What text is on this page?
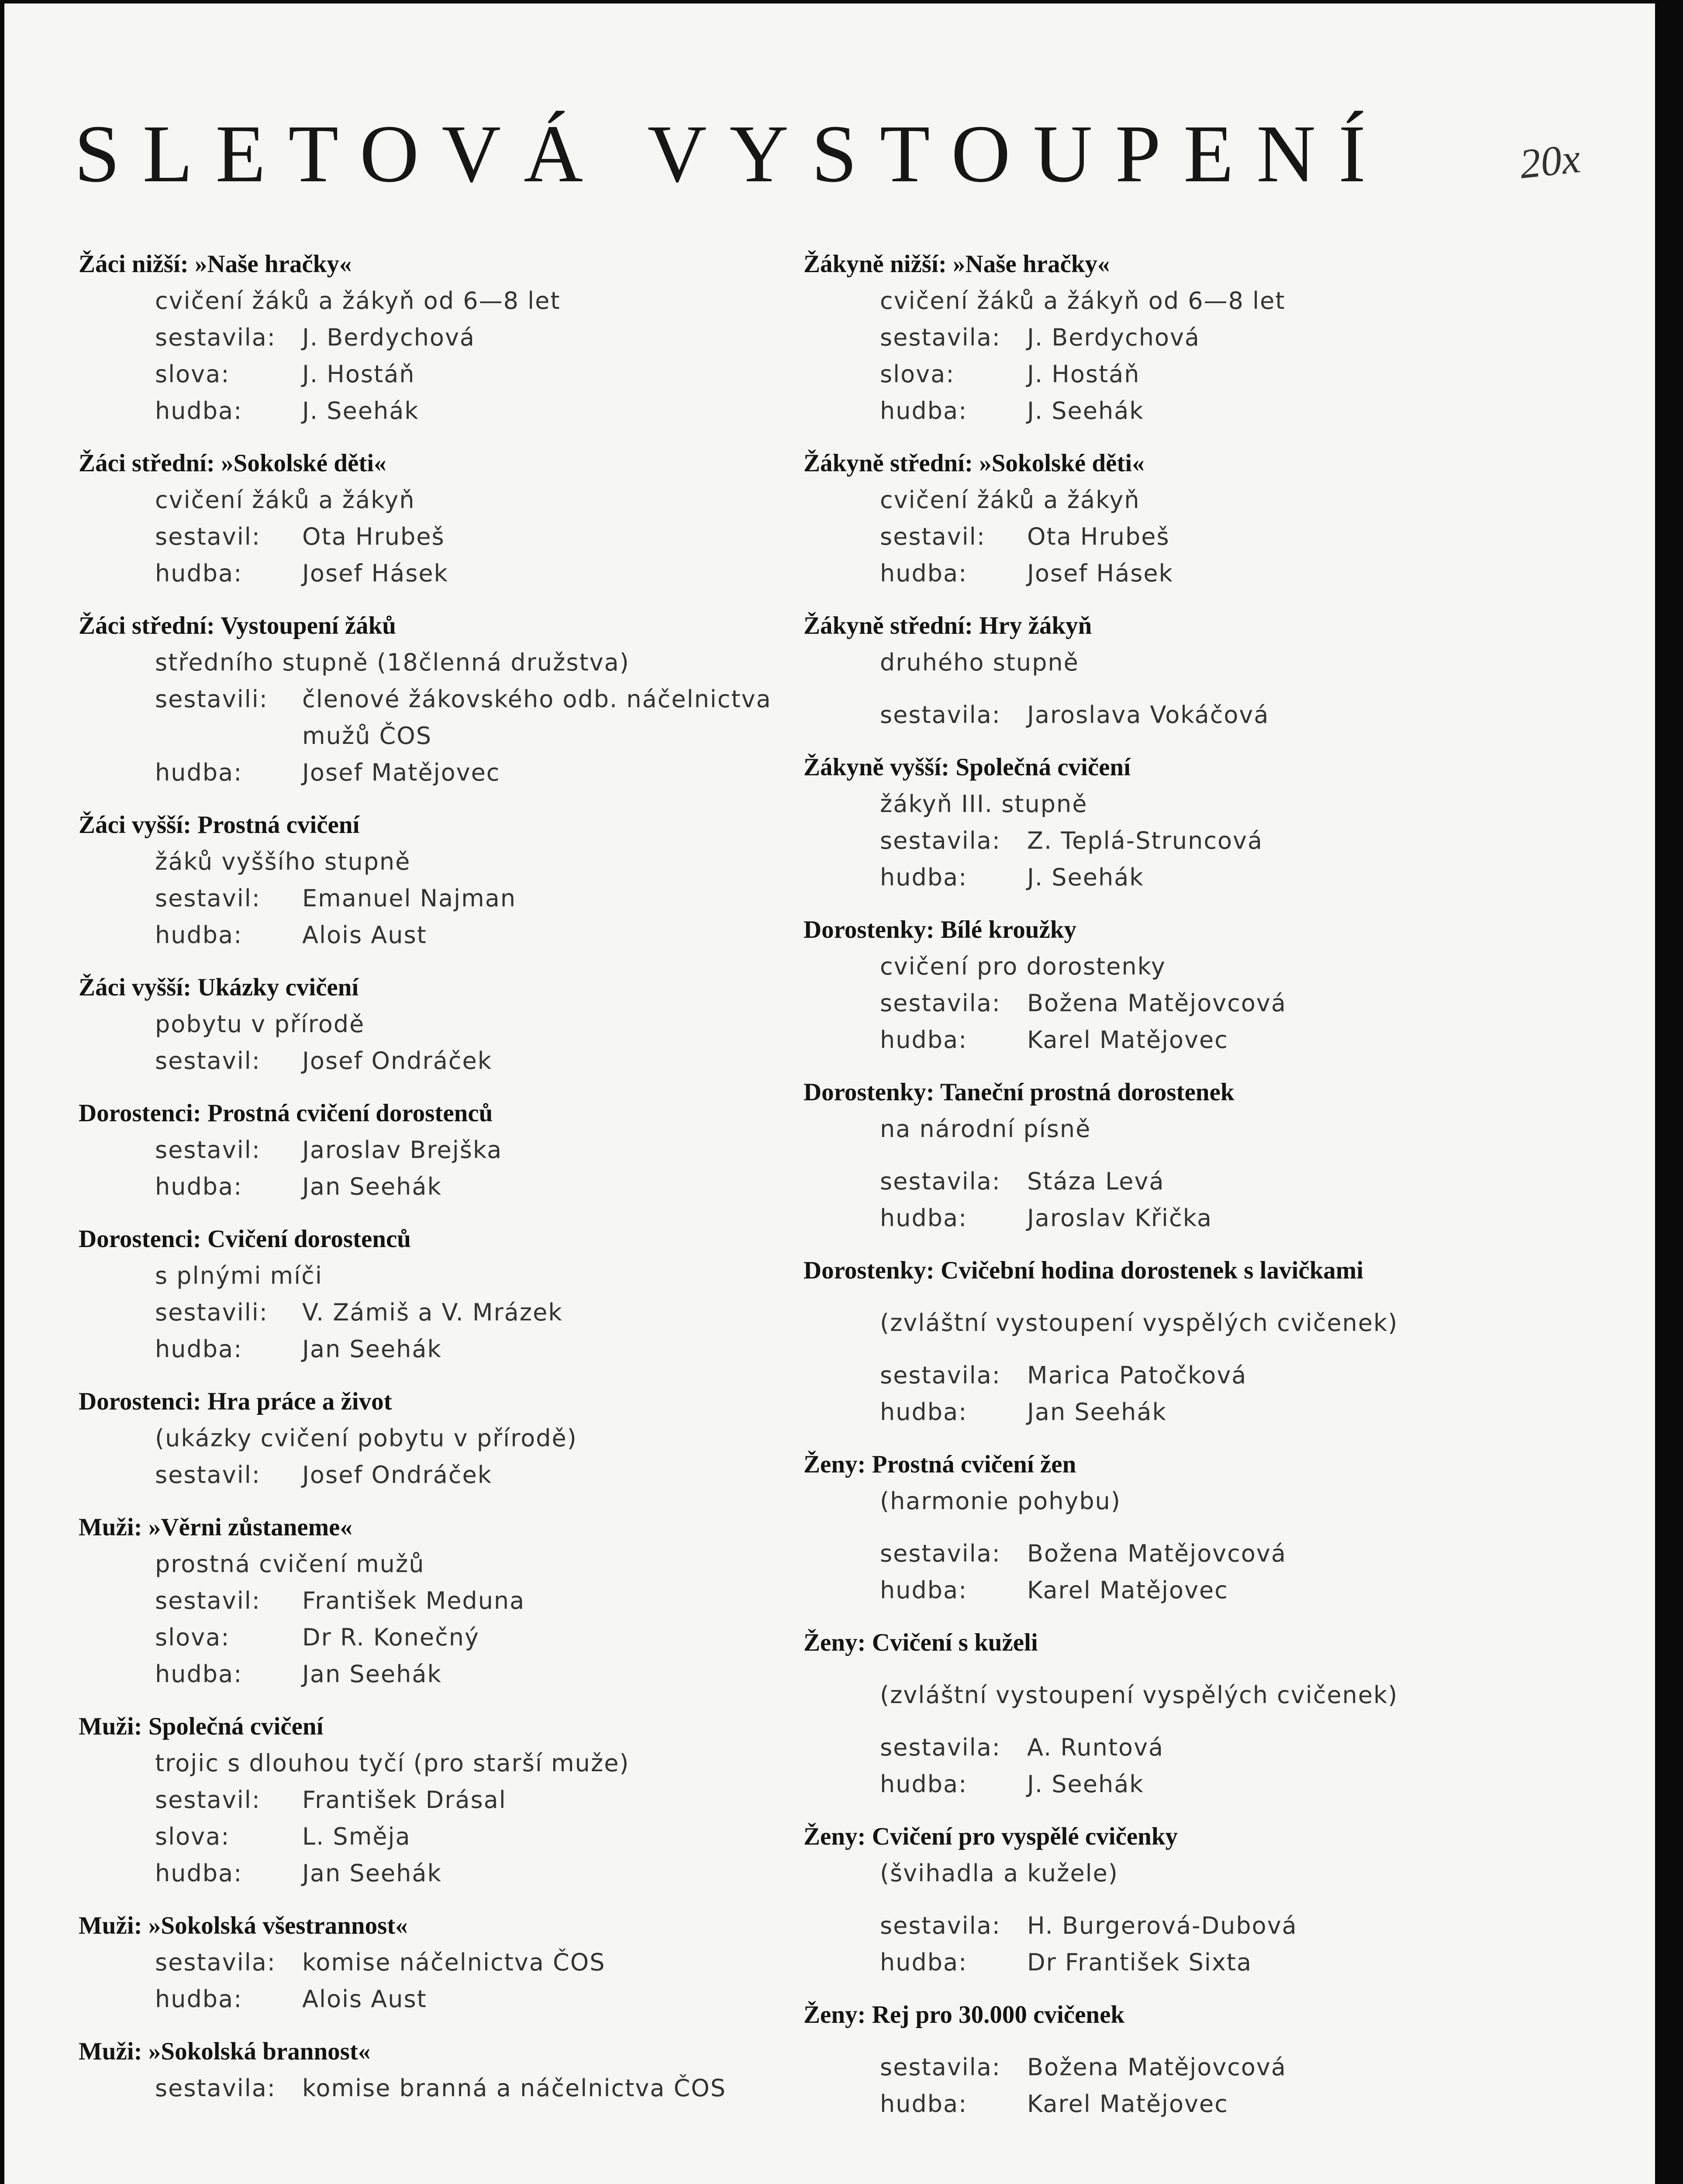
SLETOVÁ VYSTOUPENÍ	20x
Žáci nižší: »Naše hračky«
cvičení žáků a žákyň od 6—8 let
sestavila: J. Berdychová
slova:	J. Hostáň
hudba:	J. Seehák
Žáci střední: »Sokolské děti«
cvičení žáků a žákyň
sestavil: Ota Hrubeš
hudba:	Josef Hásek
Žáci střední: Vystoupení žáků
středního stupně (18členná družstva)
sestavili: členové žákovského odb. náčelnictva mužů ČOS
hudba:	Josef Matějovec
Žáci vyšší: Prostná cvičení
žáků vyššího stupně
sestavil: Emanuel Najman
hudba:	Alois Aust
Žáci vyšší: Ukázky cvičení
pobytu v přírodě
sestavil: Josef Ondráček
Dorostenci: Prostná cvičení dorostenců
sestavil: Jaroslav Brejška
hudba:	Jan Seehák
Dorostenci: Cvičení dorostenců
s plnými míči
sestavili: V. Zámiš a V. Mrázek
hudba:	Jan Seehák
Dorostenci: Hra práce a život
(ukázky cvičení pobytu v přírodě)
sestavil: Josef Ondráček
Muži: »Věrni zůstaneme«
prostná cvičení mužů
sestavil: František Meduna
slova:	Dr R. Konečný
hudba:	Jan Seehák
Muži: Společná cvičení
trojic s dlouhou tyčí (pro starší muže)
sestavil: František Drásal
slova:	L. Směja
hudba:	Jan Seehák
Muži: »Sokolská všestrannost«
sestavila: komise náčelnictva ČOS
hudba:	Alois Aust
Muži: »Sokolská brannost«
sestavila: komise branná a náčelnictva ČOS
Žákyně nižší: »Naše hračky«
cvičení žáků a žákyň od 6—8 let
sestavila: J. Berdychová
slova:	J. Hostáň
hudba:	J. Seehák
Žákyně střední: »Sokolské děti«
cvičení žáků a žákyň
sestavil: Ota Hrubeš
hudba:	Josef Hásek
Žákyně střední: Hry žákyň
druhého stupně
sestavila: Jaroslava Vokáčová
Žákyně vyšší: Společná cvičení
žákyň III. stupně
sestavila: Z. Teplá-Struncová
hudba:	J. Seehák
Dorostenky: Bílé kroužky
cvičení pro dorostenky
sestavila: Božena Matějovcová
hudba:	Karel Matějovec
Dorostenky: Taneční prostná dorostenek
na národní písně
sestavila: Stáza Levá
hudba:	Jaroslav Křička
Dorostenky: Cvičební hodina dorostenek s lavičkami
(zvláštní vystoupení vyspělých cvičenek)
sestavila: Marica Patočková
hudba:	Jan Seehák
Ženy: Prostná cvičení žen
(harmonie pohybu)
sestavila: Božena Matějovcová
hudba:	Karel Matějovec
Ženy: Cvičení s kuželi
(zvláštní vystoupení vyspělých cvičenek)
sestavila: A. Runtová
hudba:	J. Seehák
Ženy: Cvičení pro vyspělé cvičenky
(švihadla a kužele)
sestavila: H. Burgerová-Dubová
hudba:	Dr František Sixta
Ženy: Rej pro 30.000 cvičenek
sestavila: Božena Matějovcová
hudba:	Karel Matějovec
